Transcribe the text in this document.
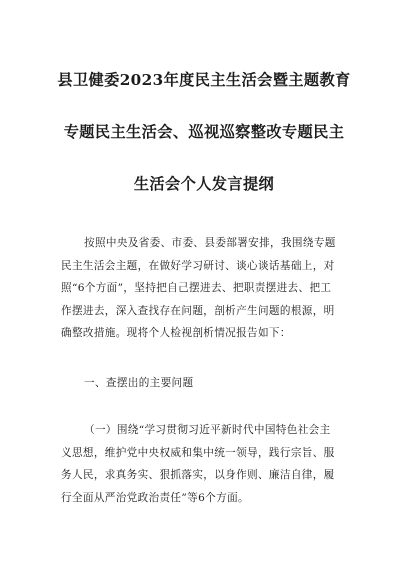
县卫健委2023年度民主生活会暨主题教育
专题民主生活会、巡视巡察整改专题民主
生活会个人发言提纲

按照中央及省委、市委、县委部署安排，我围绕专题
民主生活会主题，在做好学习研讨、谈心谈话基础上，对
照“6个方面”，坚持把自己摆进去、把职责摆进去、把工
作摆进去，深入查找存在问题，剖析产生问题的根源，明
确整改措施。现将个人检视剖析情况报告如下：

一、查摆出的主要问题

（一）围绕“学习贯彻习近平新时代中国特色社会主
义思想，维护党中央权威和集中统一领导，践行宗旨、服
务人民，求真务实、狠抓落实，以身作则、廉洁自律，履
行全面从严治党政治责任”等6个方面。
